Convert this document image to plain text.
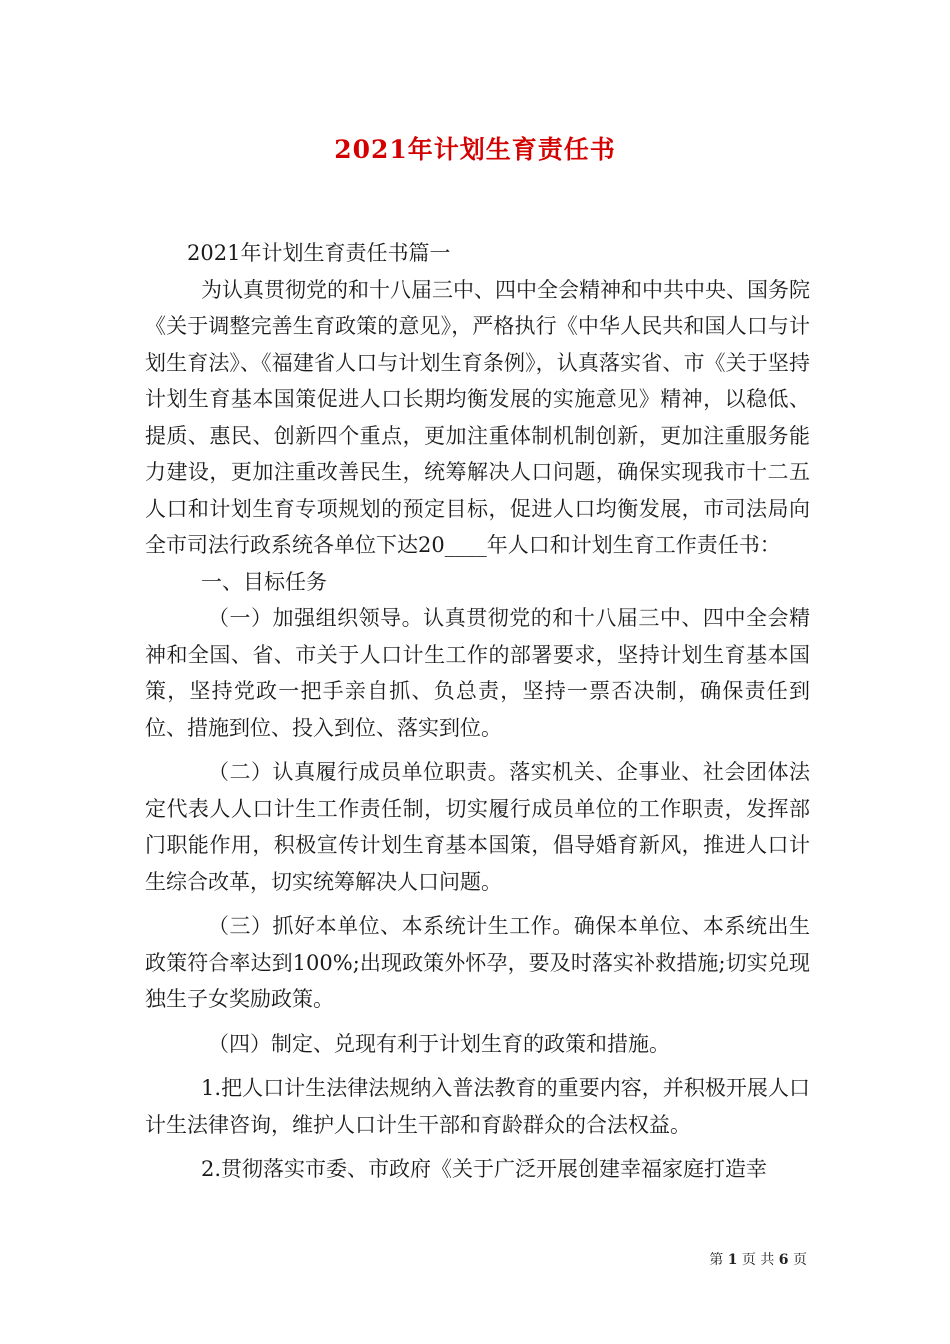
2021年计划生育责任书

2021年计划生育责任书篇一

为认真贯彻党的和十八届三中、四中全会精神和中共中央、国务院《关于调整完善生育政策的意见》，严格执行《中华人民共和国人口与计划生育法》、《福建省人口与计划生育条例》，认真落实省、市《关于坚持计划生育基本国策促进人口长期均衡发展的实施意见》精神，以稳低、提质、惠民、创新四个重点，更加注重体制机制创新，更加注重服务能力建设，更加注重改善民生，统筹解决人口问题，确保实现我市十二五人口和计划生育专项规划的预定目标，促进人口均衡发展，市司法局向全市司法行政系统各单位下达20____年人口和计划生育工作责任书：

一、目标任务

（一）加强组织领导。认真贯彻党的和十八届三中、四中全会精神和全国、省、市关于人口计生工作的部署要求，坚持计划生育基本国策，坚持党政一把手亲自抓、负总责，坚持一票否决制，确保责任到位、措施到位、投入到位、落实到位。

（二）认真履行成员单位职责。落实机关、企事业、社会团体法定代表人人口计生工作责任制，切实履行成员单位的工作职责，发挥部门职能作用，积极宣传计划生育基本国策，倡导婚育新风，推进人口计生综合改革，切实统筹解决人口问题。

（三）抓好本单位、本系统计生工作。确保本单位、本系统出生政策符合率达到100%;出现政策外怀孕，要及时落实补救措施;切实兑现独生子女奖励政策。

（四）制定、兑现有利于计划生育的政策和措施。

1.把人口计生法律法规纳入普法教育的重要内容，并积极开展人口计生法律咨询，维护人口计生干部和育龄群众的合法权益。

2.贯彻落实市委、市政府《关于广泛开展创建幸福家庭打造幸

第 1 页 共 6 页
